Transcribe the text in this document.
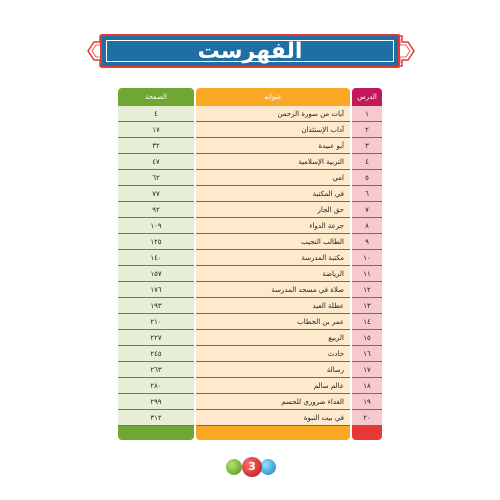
الفهرست
الدرس
عنوانه
الصفحة
١
آيات من سورة الرحمن
٤
٢
آداب الإستئذان
١٧
٣
أبو عبيدة
٣٢
٤
التربية الإسلامية
٤٧
٥
امي
٦٢
٦
في المكتبة
٧٧
٧
حق الجار
٩٢
٨
جرعة الدواء
١٠٩
٩
الطالب النجيب
١٢٥
١٠
مكتبة المدرسة
١٤٠
١١
الرياضة
١٥٧
١٢
صلاة في مسجد المدرسة
١٧٦
١٣
عطلة العيد
١٩٣
١٤
عمر بن الخطاب
٢١٠
١٥
الربيع
٢٢٧
١٦
حادث
٢٤٥
١٧
رسالة
٢٦٣
١٨
عالم سالم
٢٨٠
١٩
الغذاء ضروري للجسم
٢٩٩
٢٠
في بيت النبوة
٣١٢
3
